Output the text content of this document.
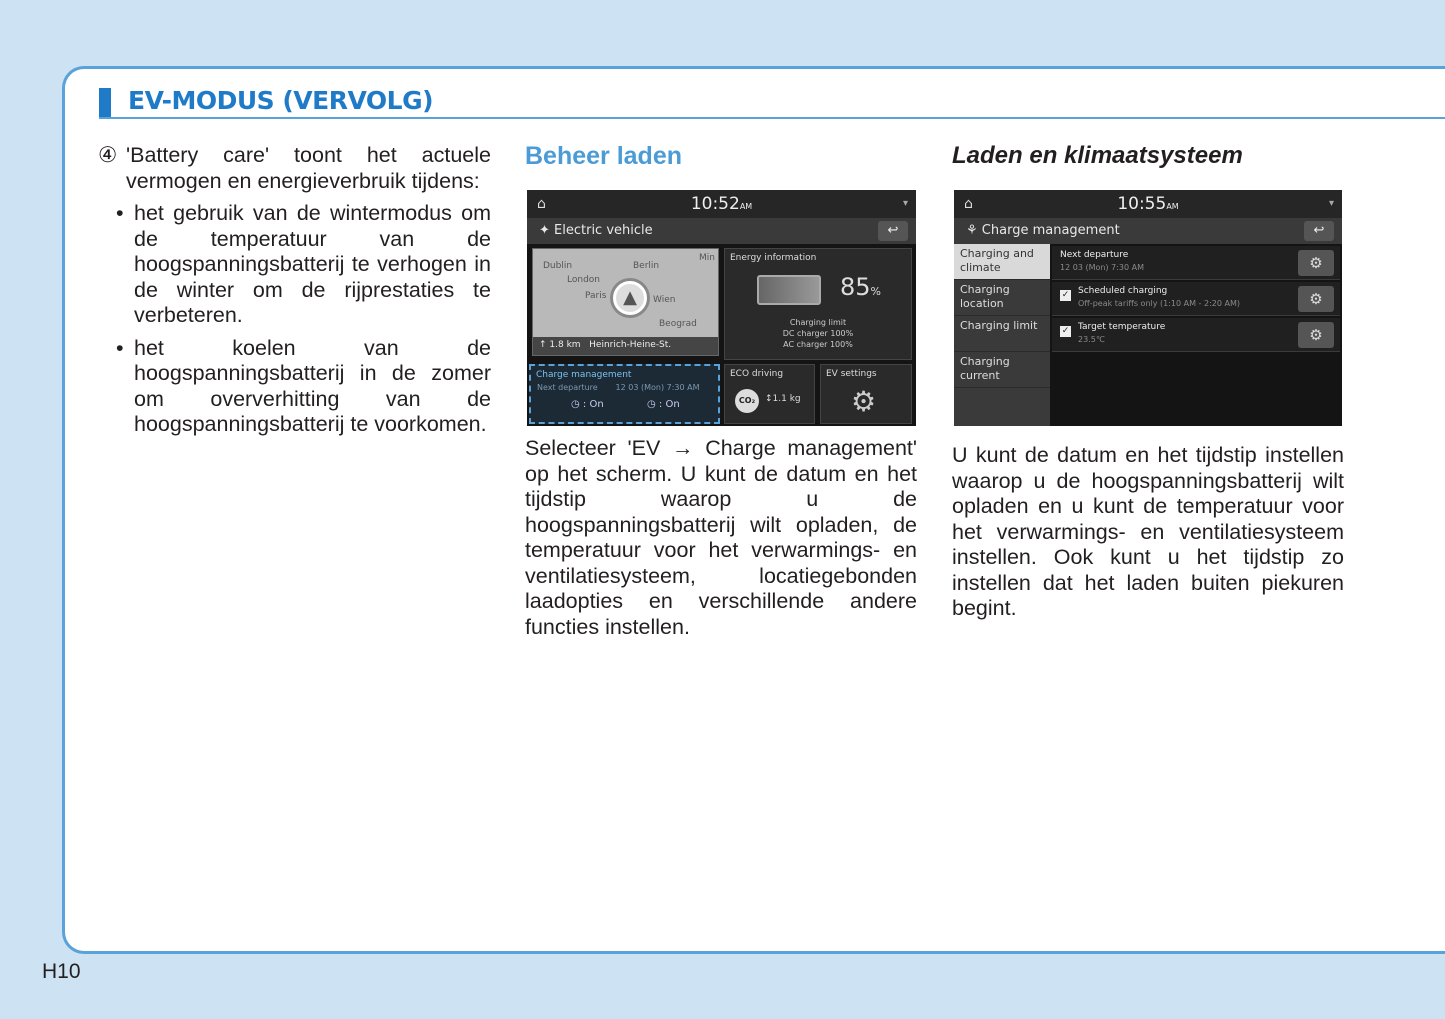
EV-MODUS (VERVOLG)
④ 'Battery care' toont het actuele vermogen en energieverbruik tijdens:
• het gebruik van de wintermodus om de temperatuur van de hoogspanningsbatterij te verhogen in de winter om de rijprestaties te verbeteren.
• het koelen van de hoogspanningsbatterij in de zomer om oververhitting van de hoogspanningsbatterij te voorkomen.
Beheer laden
⌂	10:52AM	▾
✦ Electric vehicle	↩
Dublin
London
Berlin
Paris	Wien
Beograd
Min
▲
↑ 1.8 km Heinrich-Heine-St.
Energy information
85%
Charging limit
DC charger 100%
AC charger 100%
Charge management
Next departure 12 03 (Mon) 7:30 AM
◷ : On	◷ : On
ECO driving
CO₂	↕1.1 kg
EV settings
⚙
Selecteer 'EV → Charge management' op het scherm. U kunt de datum en het tijdstip waarop u de hoogspanningsbatterij wilt opladen, de temperatuur voor het verwarmings- en ventilatiesysteem, locatiegebonden laadopties en verschillende andere functies instellen.
Laden en klimaatsysteem
⌂	10:55AM	▾
⚘ Charge management	↩
Charging and climate
Charging location
Charging limit
Charging current
Next departure
12 03 (Mon) 7:30 AM	⚙
✓ Scheduled charging
Off-peak tariffs only (1:10 AM - 2:20 AM)	⚙
✓ Target temperature
23.5℃	⚙
U kunt de datum en het tijdstip instellen waarop u de hoogspanningsbatterij wilt opladen en u kunt de temperatuur voor het verwarmings- en ventilatiesysteem instellen. Ook kunt u het tijdstip zo instellen dat het laden buiten piekuren begint.
H10
